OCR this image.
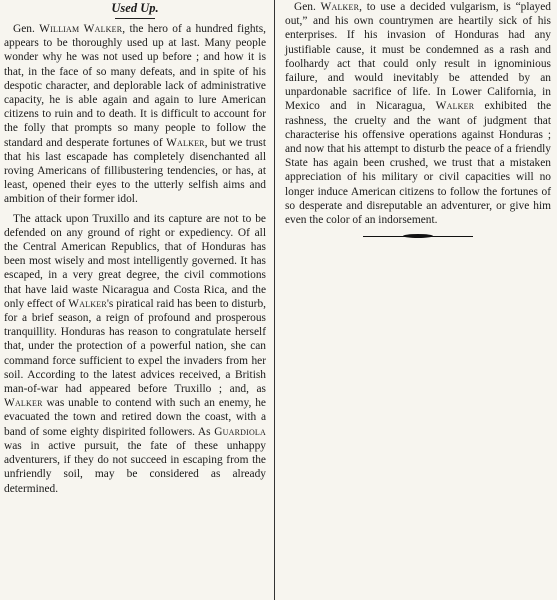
Used Up.

Gen. William Walker, the hero of a hundred fights, appears to be thoroughly used up at last. Many people wonder why he was not used up before ; and how it is that, in the face of so many defeats, and in spite of his despotic character, and deplorable lack of administrative capacity, he is able again and again to lure American citizens to ruin and to death. It is difficult to account for the folly that prompts so many people to follow the standard and desperate fortunes of Walker, but we trust that his last escapade has completely disenchanted all roving Americans of fillibustering tendencies, or has, at least, opened their eyes to the utterly selfish aims and ambition of their former idol.

The attack upon Truxillo and its capture are not to be defended on any ground of right or expediency. Of all the Central American Republics, that of Honduras has been most wisely and most intelligently governed. It has escaped, in a very great degree, the civil commotions that have laid waste Nicaragua and Costa Rica, and the only effect of Walker's piratical raid has been to disturb, for a brief season, a reign of profound and prosperous tranquillity. Honduras has reason to congratulate herself that, under the protection of a powerful nation, she can command force sufficient to expel the invaders from her soil. According to the latest advices received, a British man-of-war had appeared before Truxillo ; and, as Walker was unable to contend with such an enemy, he evacuated the town and retired down the coast, with a band of some eighty dispirited followers. As Guardiola was in active pursuit, the fate of these unhappy adventurers, if they do not succeed in escaping from the unfriendly soil, may be considered as already determined.

Gen. Walker, to use a decided vulgarism, is “played out,” and his own countrymen are heartily sick of his enterprises. If his invasion of Honduras had any justifiable cause, it must be condemned as a rash and foolhardy act that could only result in ignominious failure, and would inevitably be attended by an unpardonable sacrifice of life. In Lower California, in Mexico and in Nicaragua, Walker exhibited the rashness, the cruelty and the want of judgment that characterise his offensive operations against Honduras ; and now that his attempt to disturb the peace of a friendly State has again been crushed, we trust that a mistaken appreciation of his military or civil capacities will no longer induce American citizens to follow the fortunes of so desperate and disreputable an adventurer, or give him even the color of an indorsement.
